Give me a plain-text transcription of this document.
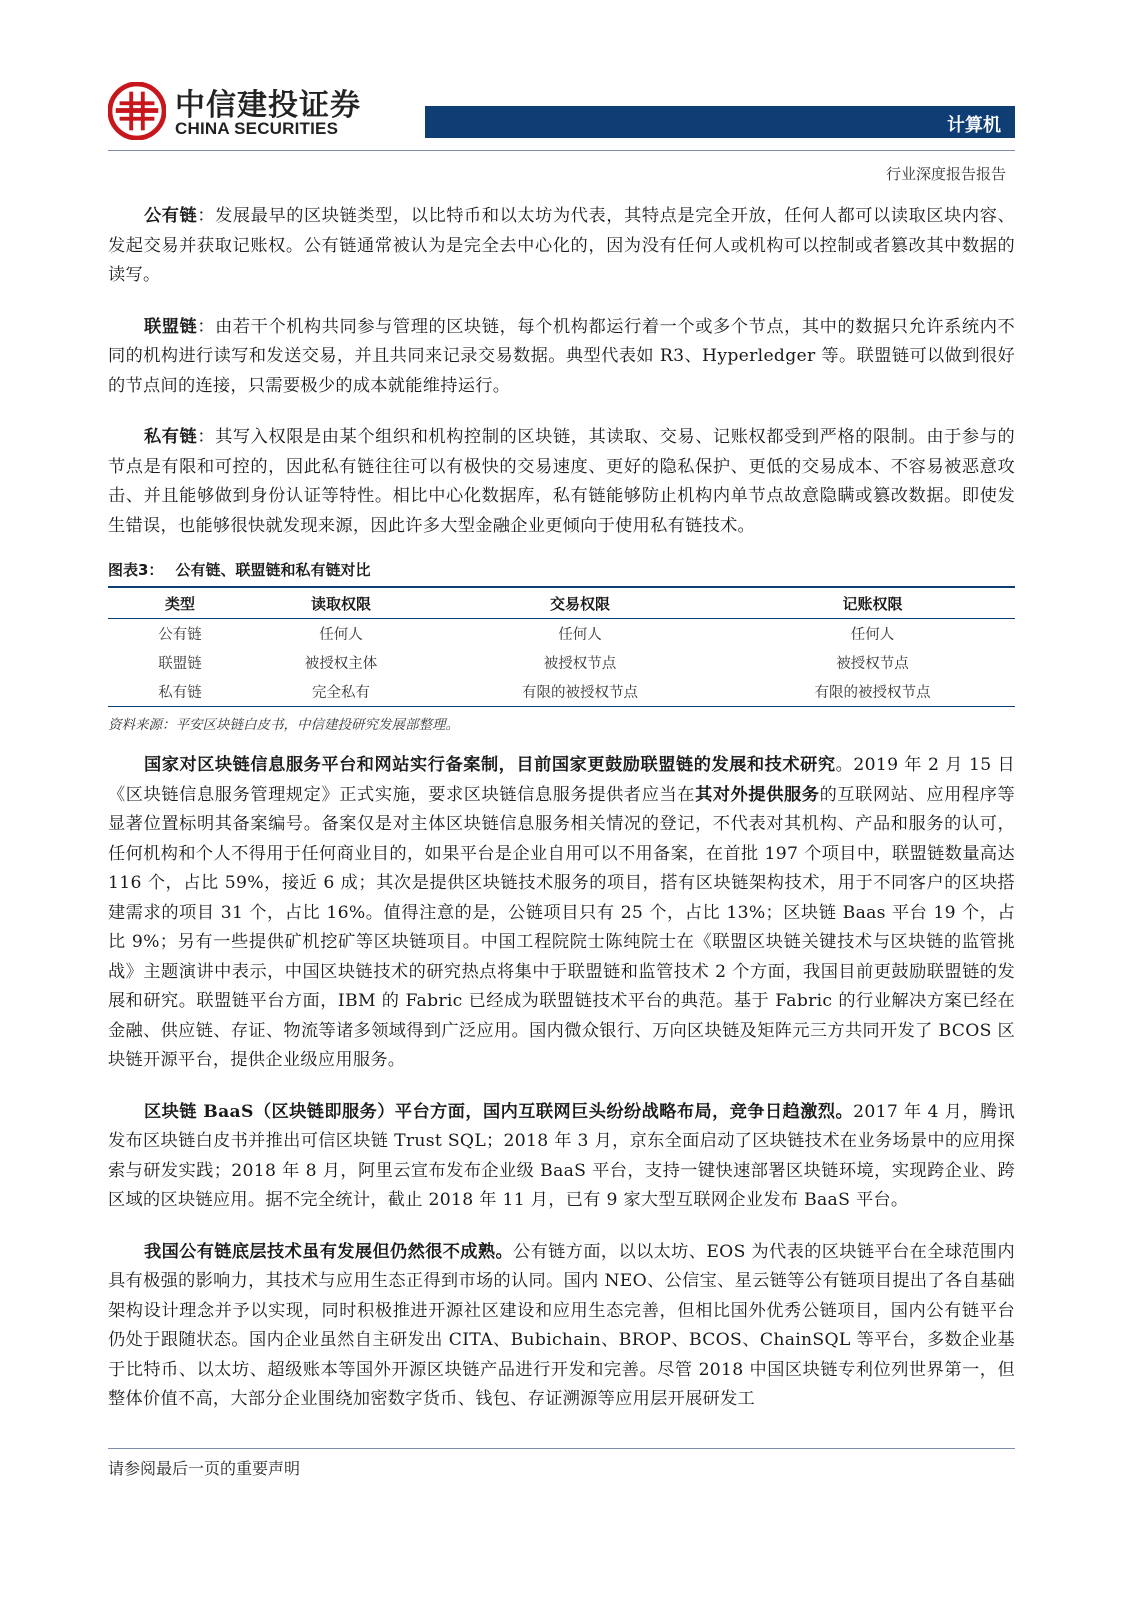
中信建投证券
CHINA SECURITIES	计算机
行业深度报告报告

公有链：发展最早的区块链类型，以比特币和以太坊为代表，其特点是完全开放，任何人都可以读取区块内容、发起交易并获取记账权。公有链通常被认为是完全去中心化的，因为没有任何人或机构可以控制或者篡改其中数据的读写。

联盟链：由若干个机构共同参与管理的区块链，每个机构都运行着一个或多个节点，其中的数据只允许系统内不同的机构进行读写和发送交易，并且共同来记录交易数据。典型代表如 R3、Hyperledger 等。联盟链可以做到很好的节点间的连接，只需要极少的成本就能维持运行。

私有链：其写入权限是由某个组织和机构控制的区块链，其读取、交易、记账权都受到严格的限制。由于参与的节点是有限和可控的，因此私有链往往可以有极快的交易速度、更好的隐私保护、更低的交易成本、不容易被恶意攻击、并且能够做到身份认证等特性。相比中心化数据库，私有链能够防止机构内单节点故意隐瞒或篡改数据。即使发生错误，也能够很快就发现来源，因此许多大型金融企业更倾向于使用私有链技术。

图表3： 公有链、联盟链和私有链对比
类型	读取权限	交易权限	记账权限
公有链	任何人	任何人	任何人
联盟链	被授权主体	被授权节点	被授权节点
私有链	完全私有	有限的被授权节点	有限的被授权节点
资料来源：平安区块链白皮书，中信建投研究发展部整理。

国家对区块链信息服务平台和网站实行备案制，目前国家更鼓励联盟链的发展和技术研究。2019 年 2 月 15 日《区块链信息服务管理规定》正式实施，要求区块链信息服务提供者应当在其对外提供服务的互联网站、应用程序等显著位置标明其备案编号。备案仅是对主体区块链信息服务相关情况的登记，不代表对其机构、产品和服务的认可，任何机构和个人不得用于任何商业目的，如果平台是企业自用可以不用备案，在首批 197 个项目中，联盟链数量高达 116 个，占比 59%，接近 6 成；其次是提供区块链技术服务的项目，搭有区块链架构技术，用于不同客户的区块搭建需求的项目 31 个，占比 16%。值得注意的是，公链项目只有 25 个，占比 13%；区块链 Baas 平台 19 个，占比 9%；另有一些提供矿机挖矿等区块链项目。中国工程院院士陈纯院士在《联盟区块链关键技术与区块链的监管挑战》主题演讲中表示，中国区块链技术的研究热点将集中于联盟链和监管技术 2 个方面，我国目前更鼓励联盟链的发展和研究。联盟链平台方面，IBM 的 Fabric 已经成为联盟链技术平台的典范。基于 Fabric 的行业解决方案已经在金融、供应链、存证、物流等诸多领域得到广泛应用。国内微众银行、万向区块链及矩阵元三方共同开发了 BCOS 区块链开源平台，提供企业级应用服务。

区块链 BaaS（区块链即服务）平台方面，国内互联网巨头纷纷战略布局，竞争日趋激烈。2017 年 4 月，腾讯发布区块链白皮书并推出可信区块链 Trust SQL；2018 年 3 月，京东全面启动了区块链技术在业务场景中的应用探索与研发实践；2018 年 8 月，阿里云宣布发布企业级 BaaS 平台，支持一键快速部署区块链环境，实现跨企业、跨区域的区块链应用。据不完全统计，截止 2018 年 11 月，已有 9 家大型互联网企业发布 BaaS 平台。

我国公有链底层技术虽有发展但仍然很不成熟。公有链方面，以以太坊、EOS 为代表的区块链平台在全球范围内具有极强的影响力，其技术与应用生态正得到市场的认同。国内 NEO、公信宝、星云链等公有链项目提出了各自基础架构设计理念并予以实现，同时积极推进开源社区建设和应用生态完善，但相比国外优秀公链项目，国内公有链平台仍处于跟随状态。国内企业虽然自主研发出 CITA、Bubichain、BROP、BCOS、ChainSQL 等平台，多数企业基于比特币、以太坊、超级账本等国外开源区块链产品进行开发和完善。尽管 2018 中国区块链专利位列世界第一，但整体价值不高，大部分企业围绕加密数字货币、钱包、存证溯源等应用层开展研发工

请参阅最后一页的重要声明
